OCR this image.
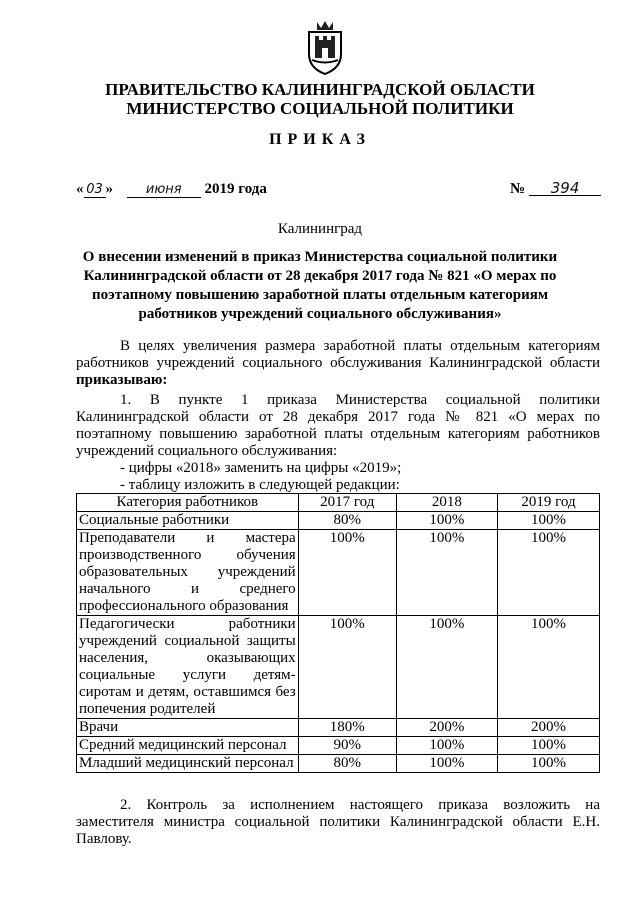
ПРАВИТЕЛЬСТВО КАЛИНИНГРАДСКОЙ ОБЛАСТИ
МИНИСТЕРСТВО СОЦИАЛЬНОЙ ПОЛИТИКИ
ПРИКАЗ
« 03 »	июня 2019 года	№ 394
Калининград
О внесении изменений в приказ Министерства социальной политики
Калининградской области от 28 декабря 2017 года № 821 «О мерах по
поэтапному повышению заработной платы отдельным категориям
работников учреждений социального обслуживания»
В целях увеличения размера заработной платы отдельным категориям работников учреждений социального обслуживания Калининградской области приказываю:
1. В пункте 1 приказа Министерства социальной политики Калининградской области от 28 декабря 2017 года № 821 «О мерах по поэтапному повышению заработной платы отдельным категориям работников учреждений социального обслуживания:
- цифры «2018» заменить на цифры «2019»;
- таблицу изложить в следующей редакции:
Категория работников	2017 год	2018	2019 год
Социальные работники	80%	100%	100%
Преподаватели и мастера производственного обучения образовательных учреждений начального и среднего профессионального образования	100%	100%	100%
Педагогически работники учреждений социальной защиты населения, оказывающих социальные услуги детям-сиротам и детям, оставшимся без попечения родителей	100%	100%	100%
Врачи	180%	200%	200%
Средний медицинский персонал	90%	100%	100%
Младший медицинский персонал	80%	100%	100%
2. Контроль за исполнением настоящего приказа возложить на заместителя министра социальной политики Калининградской области Е.Н. Павлову.
